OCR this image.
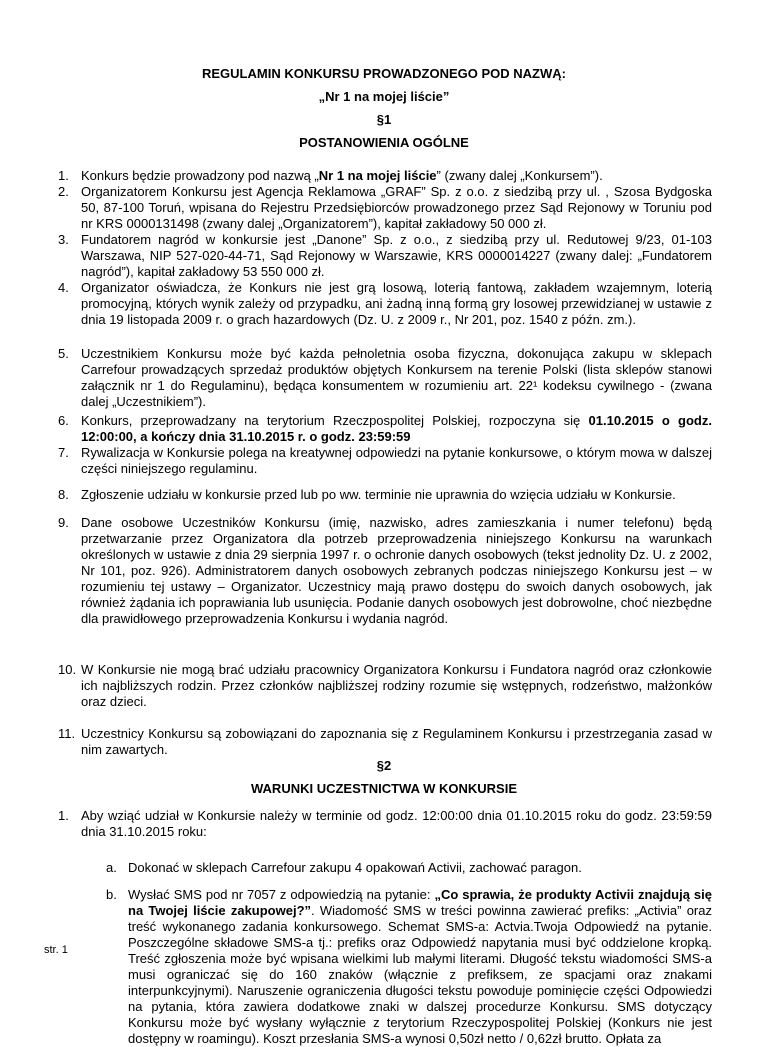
REGULAMIN KONKURSU PROWADZONEGO POD NAZWĄ:
„Nr 1 na mojej liście”
§1
POSTANOWIENIA OGÓLNE
1. Konkurs będzie prowadzony pod nazwą „Nr 1 na mojej liście” (zwany dalej „Konkursem”).
2. Organizatorem Konkursu jest Agencja Reklamowa „GRAF” Sp. z o.o. z siedzibą przy ul. , Szosa Bydgoska 50, 87-100 Toruń, wpisana do Rejestru Przedsiębiorców prowadzonego przez Sąd Rejonowy w Toruniu pod nr KRS 0000131498 (zwany dalej „Organizatorem”), kapitał zakładowy 50 000 zł.
3. Fundatorem nagród w konkursie jest „Danone” Sp. z o.o., z siedzibą przy ul. Redutowej 9/23, 01-103 Warszawa, NIP 527-020-44-71, Sąd Rejonowy w Warszawie, KRS 0000014227 (zwany dalej: „Fundatorem nagród”), kapitał zakładowy 53 550 000 zł.
4. Organizator oświadcza, że Konkurs nie jest grą losową, loterią fantową, zakładem wzajemnym, loterią promocyjną, których wynik zależy od przypadku, ani żadną inną formą gry losowej przewidzianej w ustawie z dnia 19 listopada 2009 r. o grach hazardowych (Dz. U. z 2009 r., Nr 201, poz. 1540 z późn. zm.).
5. Uczestnikiem Konkursu może być każda pełnoletnia osoba fizyczna, dokonująca zakupu w sklepach Carrefour prowadzących sprzedaż produktów objętych Konkursem na terenie Polski (lista sklepów stanowi załącznik nr 1 do Regulaminu), będąca konsumentem w rozumieniu art. 22¹ kodeksu cywilnego - (zwana dalej „Uczestnikiem”).
6. Konkurs, przeprowadzany na terytorium Rzeczpospolitej Polskiej, rozpoczyna się 01.10.2015 o godz. 12:00:00, a kończy dnia 31.10.2015 r. o godz. 23:59:59
7. Rywalizacja w Konkursie polega na kreatywnej odpowiedzi na pytanie konkursowe, o którym mowa w dalszej części niniejszego regulaminu.
8. Zgłoszenie udziału w konkursie przed lub po ww. terminie nie uprawnia do wzięcia udziału w Konkursie.
9. Dane osobowe Uczestników Konkursu (imię, nazwisko, adres zamieszkania i numer telefonu) będą przetwarzanie przez Organizatora dla potrzeb przeprowadzenia niniejszego Konkursu na warunkach określonych w ustawie z dnia 29 sierpnia 1997 r. o ochronie danych osobowych (tekst jednolity Dz. U. z 2002, Nr 101, poz. 926). Administratorem danych osobowych zebranych podczas niniejszego Konkursu jest – w rozumieniu tej ustawy – Organizator. Uczestnicy mają prawo dostępu do swoich danych osobowych, jak również żądania ich poprawiania lub usunięcia. Podanie danych osobowych jest dobrowolne, choć niezbędne dla prawidłowego przeprowadzenia Konkursu i wydania nagród.
10. W Konkursie nie mogą brać udziału pracownicy Organizatora Konkursu i Fundatora nagród oraz członkowie ich najbliższych rodzin. Przez członków najbliższej rodziny rozumie się wstępnych, rodzeństwo, małżonków oraz dzieci.
11. Uczestnicy Konkursu są zobowiązani do zapoznania się z Regulaminem Konkursu i przestrzegania zasad w nim zawartych.
§2
WARUNKI UCZESTNICTWA W KONKURSIE
1. Aby wziąć udział w Konkursie należy w terminie od godz. 12:00:00 dnia 01.10.2015 roku do godz. 23:59:59 dnia 31.10.2015 roku:
a. Dokonać w sklepach Carrefour zakupu 4 opakowań Activii, zachować paragon.
b. Wysłać SMS pod nr 7057 z odpowiedzią na pytanie: „Co sprawia, że produkty Activii znajdują się na Twojej liście zakupowej?”. Wiadomość SMS w treści powinna zawierać prefiks: „Activia” oraz treść wykonanego zadania konkursowego. Schemat SMS-a: Actvia.Twoja Odpowiedź na pytanie. Poszczególne składowe SMS-a tj.: prefiks oraz Odpowiedź napytania musi być oddzielone kropką. Treść zgłoszenia może być wpisana wielkimi lub małymi literami. Długość tekstu wiadomości SMS-a musi ograniczać się do 160 znaków (włącznie z prefiksem, ze spacjami oraz znakami interpunkcyjnymi). Naruszenie ograniczenia długości tekstu powoduje pominięcie części Odpowiedzi na pytania, która zawiera dodatkowe znaki w dalszej procedurze Konkursu. SMS dotyczący Konkursu może być wysłany wyłącznie z terytorium Rzeczypospolitej Polskiej (Konkurs nie jest dostępny w roamingu). Koszt przesłania SMS-a wynosi 0,50zł netto / 0,62zł brutto. Opłata za
str. 1
